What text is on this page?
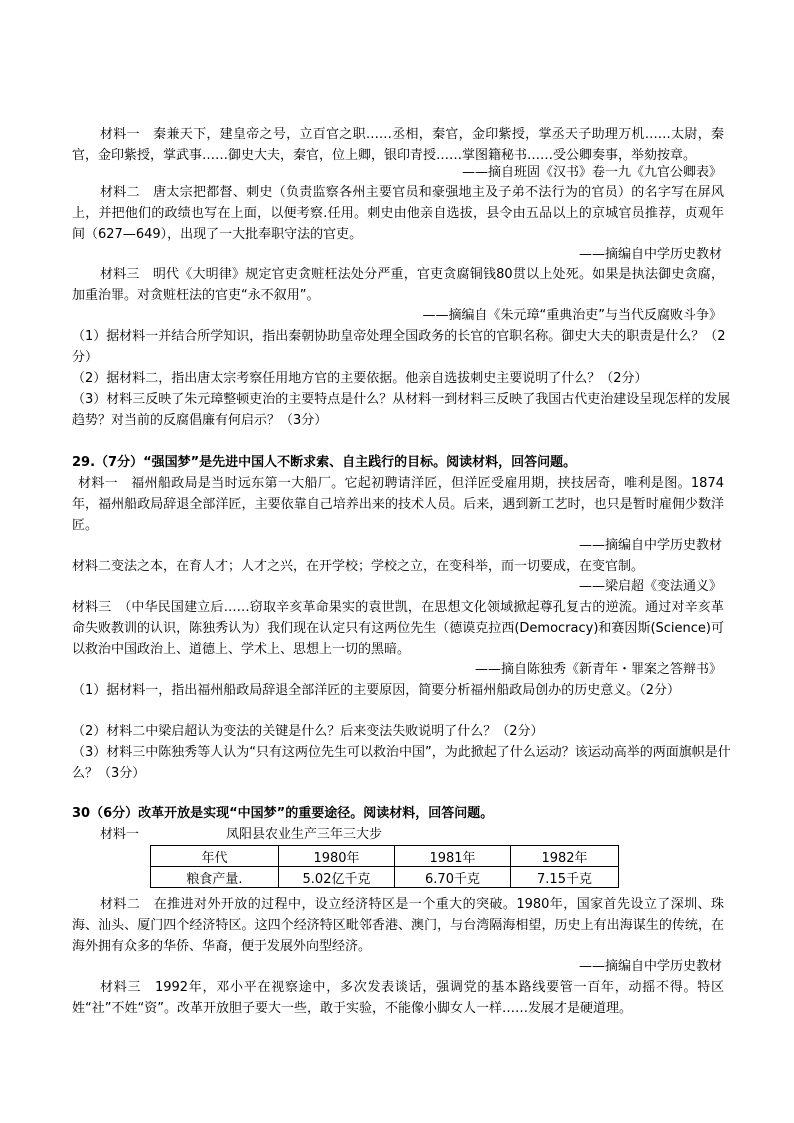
材料一　秦兼天下，建皇帝之号，立百官之职……丞相，秦官，金印紫授，掌丞天子助理万机……太尉，秦官，金印紫授，掌武事……御史大夫，秦官，位上卿，银印青授……掌图籍秘书……受公卿奏事，举劾按章。

——摘自班固《汉书》卷一九《九官公卿表》

材料二　唐太宗把都督、刺史（负责监察各州主要官员和豪强地主及子弟不法行为的官员）的名字写在屏风上，并把他们的政绩也写在上面，以便考察.任用。刺史由他亲自选拔，县令由五品以上的京城官员推荐，贞观年间（627—649），出现了一大批奉职守法的官吏。

——摘编自中学历史教材

材料三　明代《大明律》规定官吏贪赃枉法处分严重，官吏贪腐铜钱80贯以上处死。如果是执法御史贪腐，加重治罪。对贪赃枉法的官吏“永不叙用”。

——摘编自《朱元璋“重典治吏”与当代反腐败斗争》

（1）据材料一并结合所学知识，指出秦朝协助皇帝处理全国政务的长官的官职名称。御史大夫的职责是什么？（2分）

（2）据材料二，指出唐太宗考察任用地方官的主要依据。他亲自选拔刺史主要说明了什么？（2分）

（3）材料三反映了朱元璋整顿吏治的主要特点是什么？从材料一到材料三反映了我国古代吏治建设呈现怎样的发展趋势？对当前的反腐倡廉有何启示？（3分）

29.（7分）“强国梦”是先进中国人不断求索、自主践行的目标。阅读材料，回答问题。

材料一　福州船政局是当时远东第一大船厂。它起初聘请洋匠，但洋匠受雇用期，挟技居奇，唯利是图。1874年，福州船政局辞退全部洋匠，主要依靠自己培养出来的技术人员。后来，遇到新工艺时，也只是暂时雇佣少数洋匠。

——摘编自中学历史教材

材料二变法之本，在育人才；人才之兴，在开学校；学校之立，在变科举，而一切要成，在变官制。

——梁启超《变法通义》

材料三　（中华民国建立后……窃取辛亥革命果实的袁世凯，在思想文化领域掀起尊孔复古的逆流。通过对辛亥革命失败教训的认识，陈独秀认为）我们现在认定只有这两位先生（德谟克拉西(Democracy)和赛因斯(Science)可以救治中国政治上、道德上、学术上、思想上一切的黑暗。

——摘自陈独秀《新青年・罪案之答辩书》

（1）据材料一，指出福州船政局辞退全部洋匠的主要原因，简要分析福州船政局创办的历史意义。（2分）

（2）材料二中梁启超认为变法的关键是什么？后来变法失败说明了什么？（2分）

（3）材料三中陈独秀等人认为“只有这两位先生可以救治中国”，为此掀起了什么运动？该运动高举的两面旗帜是什么？（3分）

30（6分）改革开放是实现“中国梦”的重要途径。阅读材料，回答问题。

材料一	凤阳县农业生产三年三大步
年代	1980年	1981年	1982年
粮食产量.	5.02亿千克	6.70千克	7.15千克

材料二　在推进对外开放的过程中，设立经济特区是一个重大的突破。1980年，国家首先设立了深圳、珠海、汕头、厦门四个经济特区。这四个经济特区毗邻香港、澳门，与台湾隔海相望，历史上有出海谋生的传统，在海外拥有众多的华侨、华裔，便于发展外向型经济。

——摘编自中学历史教材

材料三　1992年，邓小平在视察途中，多次发表谈话，强调党的基本路线要管一百年，动摇不得。特区姓“社”不姓“资”。改革开放胆子要大一些，敢于实验，不能像小脚女人一样……发展才是硬道理。
